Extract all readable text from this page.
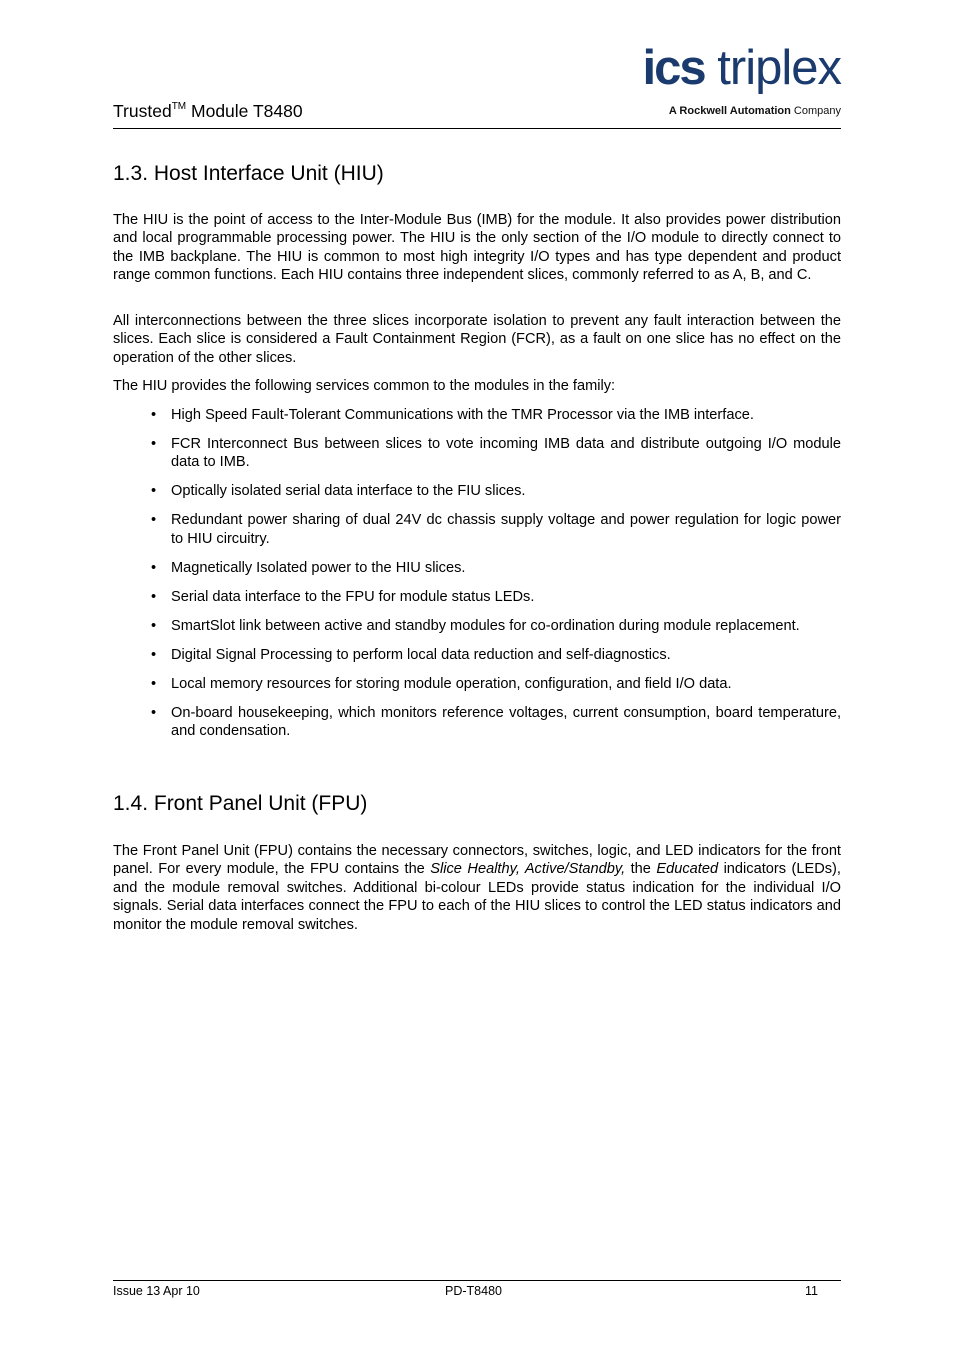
Trusted™ Module T8480
ics triplex
A Rockwell Automation Company
1.3. Host Interface Unit (HIU)

The HIU is the point of access to the Inter-Module Bus (IMB) for the module. It also provides power distribution and local programmable processing power. The HIU is the only section of the I/O module to directly connect to the IMB backplane. The HIU is common to most high integrity I/O types and has type dependent and product range common functions. Each HIU contains three independent slices, commonly referred to as A, B, and C.

All interconnections between the three slices incorporate isolation to prevent any fault interaction between the slices. Each slice is considered a Fault Containment Region (FCR), as a fault on one slice has no effect on the operation of the other slices.

The HIU provides the following services common to the modules in the family:

• High Speed Fault-Tolerant Communications with the TMR Processor via the IMB interface.
• FCR Interconnect Bus between slices to vote incoming IMB data and distribute outgoing I/O module data to IMB.
• Optically isolated serial data interface to the FIU slices.
• Redundant power sharing of dual 24V dc chassis supply voltage and power regulation for logic power to HIU circuitry.
• Magnetically Isolated power to the HIU slices.
• Serial data interface to the FPU for module status LEDs.
• SmartSlot link between active and standby modules for co-ordination during module replacement.
• Digital Signal Processing to perform local data reduction and self-diagnostics.
• Local memory resources for storing module operation, configuration, and field I/O data.
• On-board housekeeping, which monitors reference voltages, current consumption, board temperature, and condensation.
1.4. Front Panel Unit (FPU)

The Front Panel Unit (FPU) contains the necessary connectors, switches, logic, and LED indicators for the front panel. For every module, the FPU contains the Slice Healthy, Active/Standby, the Educated indicators (LEDs), and the module removal switches. Additional bi-colour LEDs provide status indication for the individual I/O signals. Serial data interfaces connect the FPU to each of the HIU slices to control the LED status indicators and monitor the module removal switches.

Issue 13 Apr 10	PD-T8480	11
